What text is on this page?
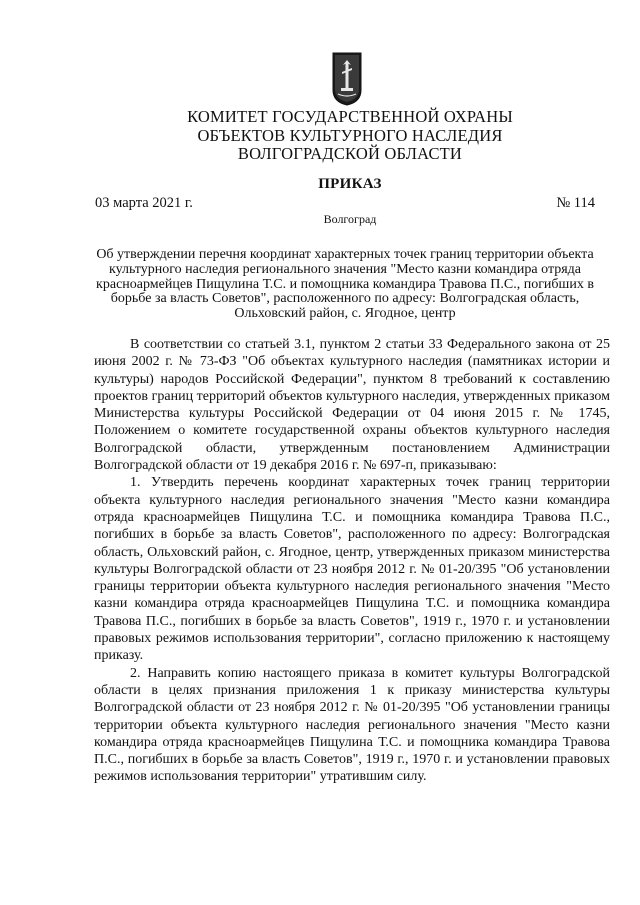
КОМИТЕТ ГОСУДАРСТВЕННОЙ ОХРАНЫ
ОБЪЕКТОВ КУЛЬТУРНОГО НАСЛЕДИЯ
ВОЛГОГРАДСКОЙ ОБЛАСТИ
ПРИКАЗ
03 марта 2021 г.	№ 114
Волгоград
Об утверждении перечня координат характерных точек границ территории объекта культурного наследия регионального значения "Место казни командира отряда красноармейцев Пищулина Т.С. и помощника командира Травова П.С., погибших в борьбе за власть Советов", расположенного по адресу: Волгоградская область, Ольховский район, с. Ягодное, центр

В соответствии со статьей 3.1, пунктом 2 статьи 33 Федерального закона от 25 июня 2002 г. № 73-ФЗ "Об объектах культурного наследия (памятниках истории и культуры) народов Российской Федерации", пунктом 8 требований к составлению проектов границ территорий объектов культурного наследия, утвержденных приказом Министерства культуры Российской Федерации от 04 июня 2015 г. № 1745, Положением о комитете государственной охраны объектов культурного наследия Волгоградской области, утвержденным постановлением Администрации Волгоградской области от 19 декабря 2016 г. № 697-п, приказываю:

1. Утвердить перечень координат характерных точек границ территории объекта культурного наследия регионального значения "Место казни командира отряда красноармейцев Пищулина Т.С. и помощника командира Травова П.С., погибших в борьбе за власть Советов", расположенного по адресу: Волгоградская область, Ольховский район, с. Ягодное, центр, утвержденных приказом министерства культуры Волгоградской области от 23 ноября 2012 г. № 01-20/395 "Об установлении границы территории объекта культурного наследия регионального значения "Место казни командира отряда красноармейцев Пищулина Т.С. и помощника командира Травова П.С., погибших в борьбе за власть Советов", 1919 г., 1970 г. и установлении правовых режимов использования территории", согласно приложению к настоящему приказу.

2. Направить копию настоящего приказа в комитет культуры Волгоградской области в целях признания приложения 1 к приказу министерства культуры Волгоградской области от 23 ноября 2012 г. № 01-20/395 "Об установлении границы территории объекта культурного наследия регионального значения "Место казни командира отряда красноармейцев Пищулина Т.С. и помощника командира Травова П.С., погибших в борьбе за власть Советов", 1919 г., 1970 г. и установлении правовых режимов использования территории" утратившим силу.
